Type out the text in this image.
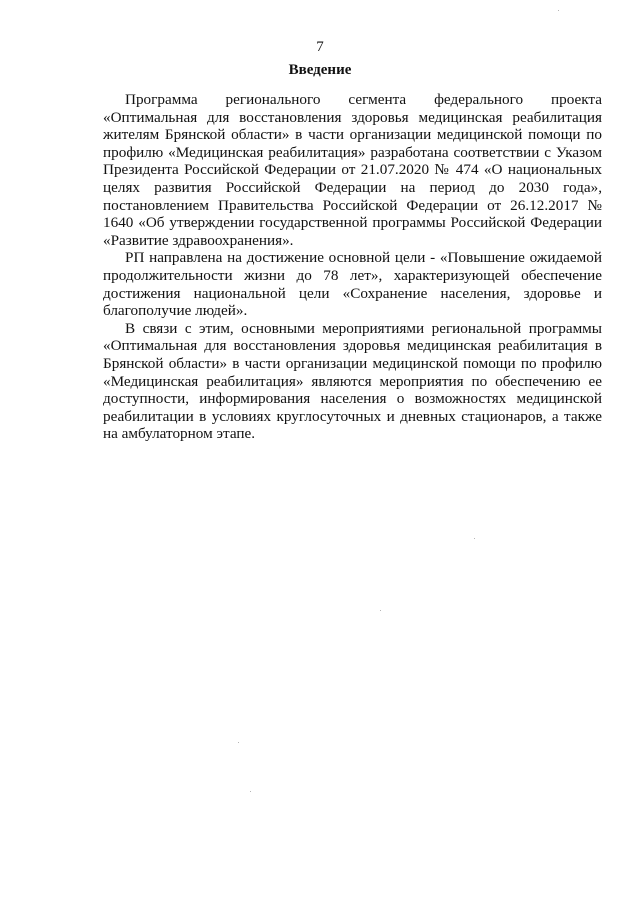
7
Введение

Программа регионального сегмента федерального проекта «Оптимальная для восстановления здоровья медицинская реабилитация жителям Брянской области» в части организации медицинской помощи по профилю «Медицинская реабилитация» разработана соответствии с Указом Президента Российской Федерации от 21.07.2020 № 474 «О национальных целях развития Российской Федерации на период до 2030 года», постановлением Правительства Российской Федерации от 26.12.2017 № 1640 «Об утверждении государственной программы Российской Федерации «Развитие здравоохранения».

РП направлена на достижение основной цели - «Повышение ожидаемой продолжительности жизни до 78 лет», характеризующей обеспечение достижения национальной цели «Сохранение населения, здоровье и благополучие людей».

В связи с этим, основными мероприятиями региональной программы «Оптимальная для восстановления здоровья медицинская реабилитация в Брянской области» в части организации медицинской помощи по профилю «Медицинская реабилитация» являются мероприятия по обеспечению ее доступности, информирования населения о возможностях медицинской реабилитации в условиях круглосуточных и дневных стационаров, а также на амбулаторном этапе.
